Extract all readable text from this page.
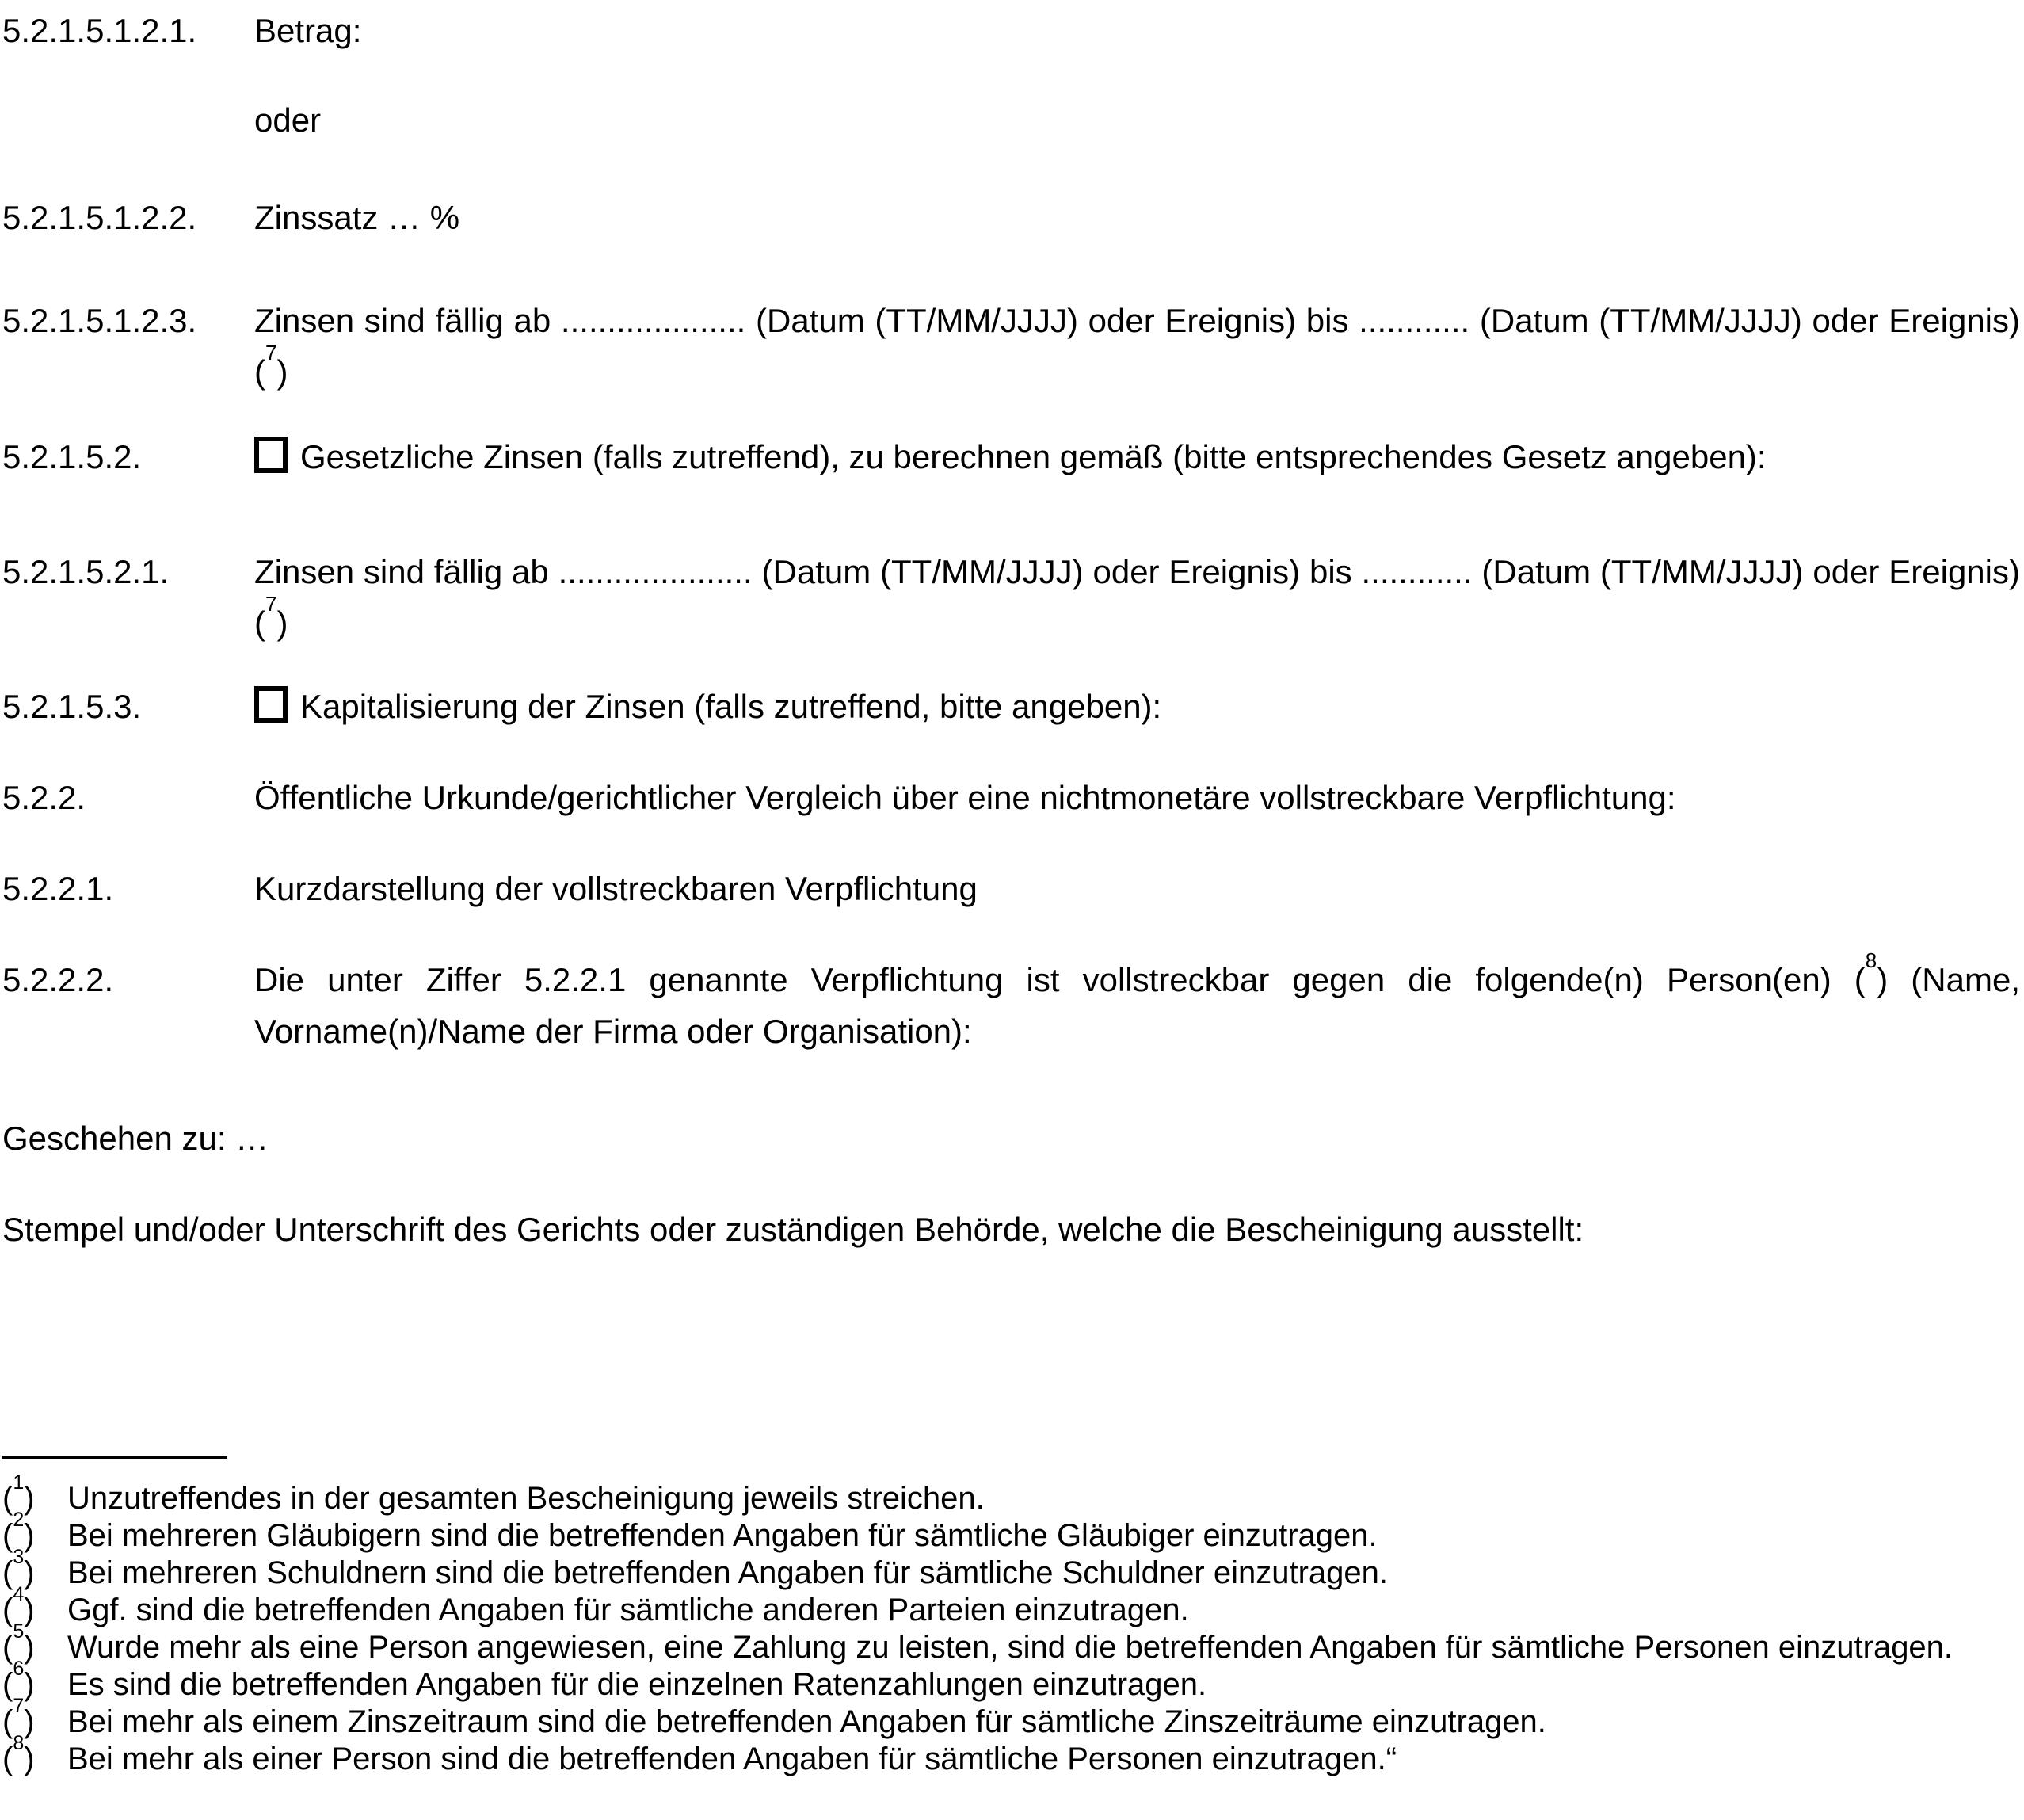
5.2.1.5.1.2.1.	Betrag:
oder
5.2.1.5.1.2.2.	Zinssatz … %
5.2.1.5.1.2.3.	Zinsen sind fällig ab .................... (Datum (TT/MM/JJJJ) oder Ereignis) bis ............ (Datum (TT/MM/JJJJ) oder Ereignis) ($^7$)
5.2.1.5.2.	Gesetzliche Zinsen (falls zutreffend), zu berechnen gemäß (bitte entsprechendes Gesetz angeben):
5.2.1.5.2.1.	Zinsen sind fällig ab ..................... (Datum (TT/MM/JJJJ) oder Ereignis) bis ............ (Datum (TT/MM/JJJJ) oder Ereignis) ($^7$)
5.2.1.5.3.	Kapitalisierung der Zinsen (falls zutreffend, bitte angeben):
5.2.2.	Öffentliche Urkunde/gerichtlicher Vergleich über eine nichtmonetäre vollstreckbare Verpflichtung:
5.2.2.1.	Kurzdarstellung der vollstreckbaren Verpflichtung
5.2.2.2.	Die unter Ziffer 5.2.2.1 genannte Verpflichtung ist vollstreckbar gegen die folgende(n) Person(en) ($^8$) (Name, Vorname(n)/Name der Firma oder Organisation):
Geschehen zu: …
Stempel und/oder Unterschrift des Gerichts oder zuständigen Behörde, welche die Bescheinigung ausstellt:
($^1$)	Unzutreffendes in der gesamten Bescheinigung jeweils streichen.
($^2$)	Bei mehreren Gläubigern sind die betreffenden Angaben für sämtliche Gläubiger einzutragen.
($^3$)	Bei mehreren Schuldnern sind die betreffenden Angaben für sämtliche Schuldner einzutragen.
($^4$)	Ggf. sind die betreffenden Angaben für sämtliche anderen Parteien einzutragen.
($^5$)	Wurde mehr als eine Person angewiesen, eine Zahlung zu leisten, sind die betreffenden Angaben für sämtliche Personen einzutragen.
($^6$)	Es sind die betreffenden Angaben für die einzelnen Ratenzahlungen einzutragen.
($^7$)	Bei mehr als einem Zinszeitraum sind die betreffenden Angaben für sämtliche Zinszeiträume einzutragen.
($^8$)	Bei mehr als einer Person sind die betreffenden Angaben für sämtliche Personen einzutragen.“
